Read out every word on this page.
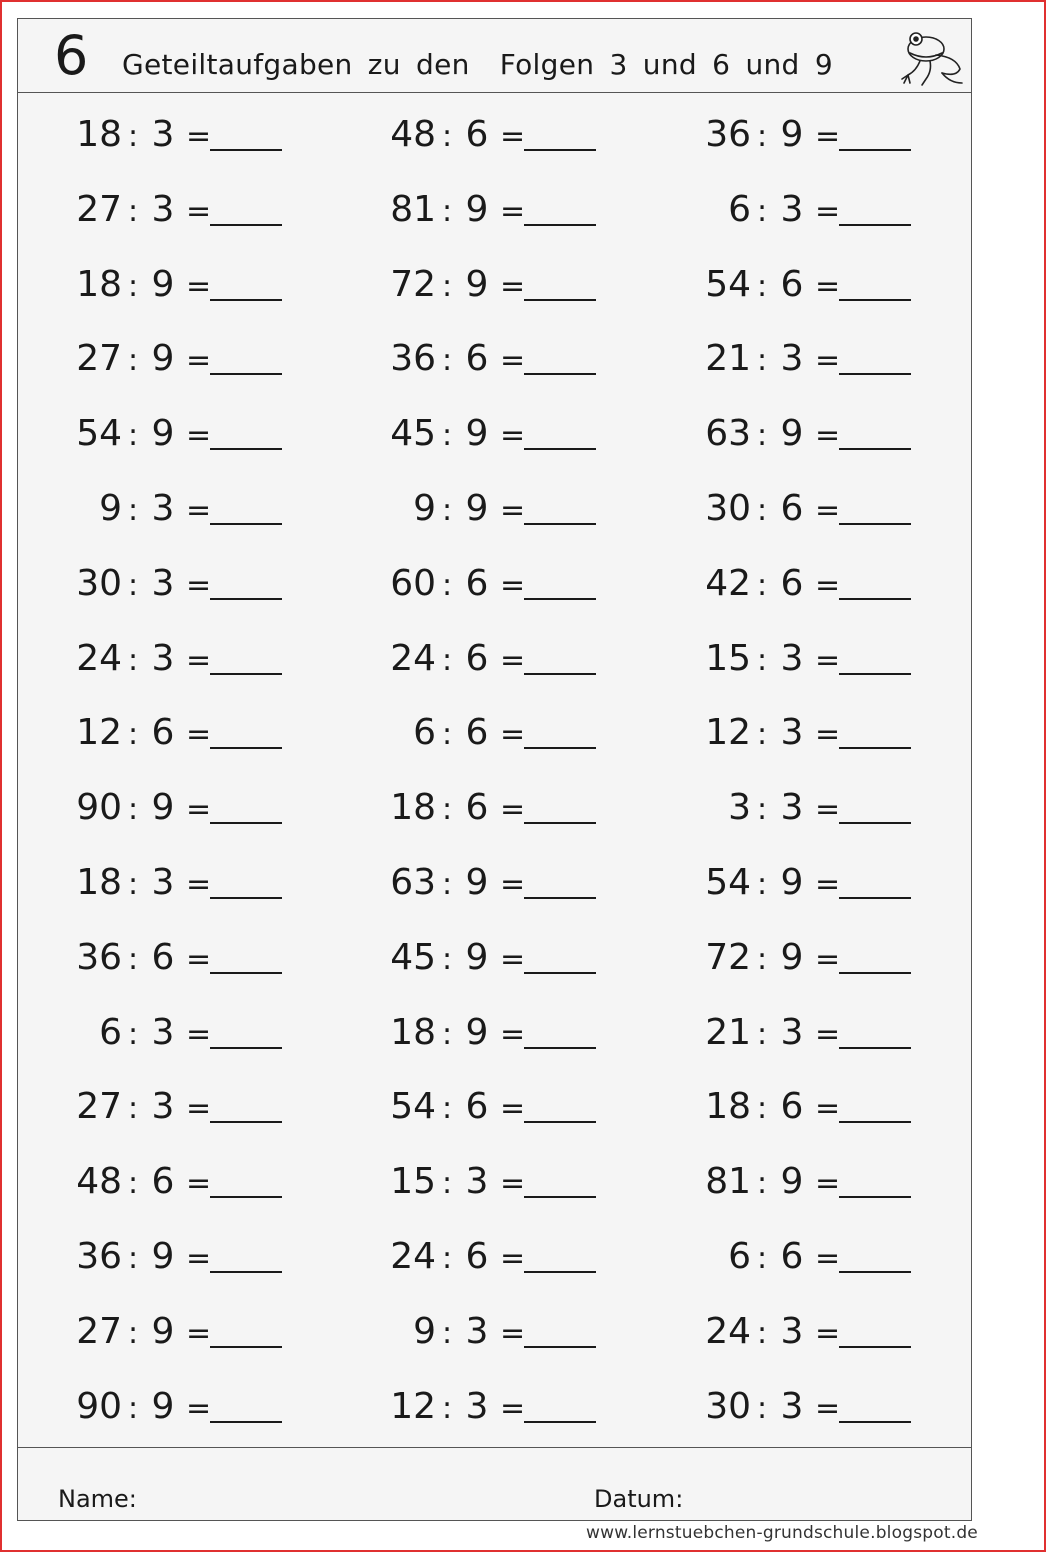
6 Geteiltaufgaben zu den Folgen 3 und 6 und 9
18 : 3 =	48 : 6 =	36 : 9 =
27 : 3 =	81 : 9 =	6 : 3 =
18 : 9 =	72 : 9 =	54 : 6 =
27 : 9 =	36 : 6 =	21 : 3 =
54 : 9 =	45 : 9 =	63 : 9 =
9 : 3 =	9 : 9 =	30 : 6 =
30 : 3 =	60 : 6 =	42 : 6 =
24 : 3 =	24 : 6 =	15 : 3 =
12 : 6 =	6 : 6 =	12 : 3 =
90 : 9 =	18 : 6 =	3 : 3 =
18 : 3 =	63 : 9 =	54 : 9 =
36 : 6 =	45 : 9 =	72 : 9 =
6 : 3 =	18 : 9 =	21 : 3 =
27 : 3 =	54 : 6 =	18 : 6 =
48 : 6 =	15 : 3 =	81 : 9 =
36 : 9 =	24 : 6 =	6 : 6 =
27 : 9 =	9 : 3 =	24 : 3 =
90 : 9 =	12 : 3 =	30 : 3 =
Name:	Datum:
www.lernstuebchen-grundschule.blogspot.de
